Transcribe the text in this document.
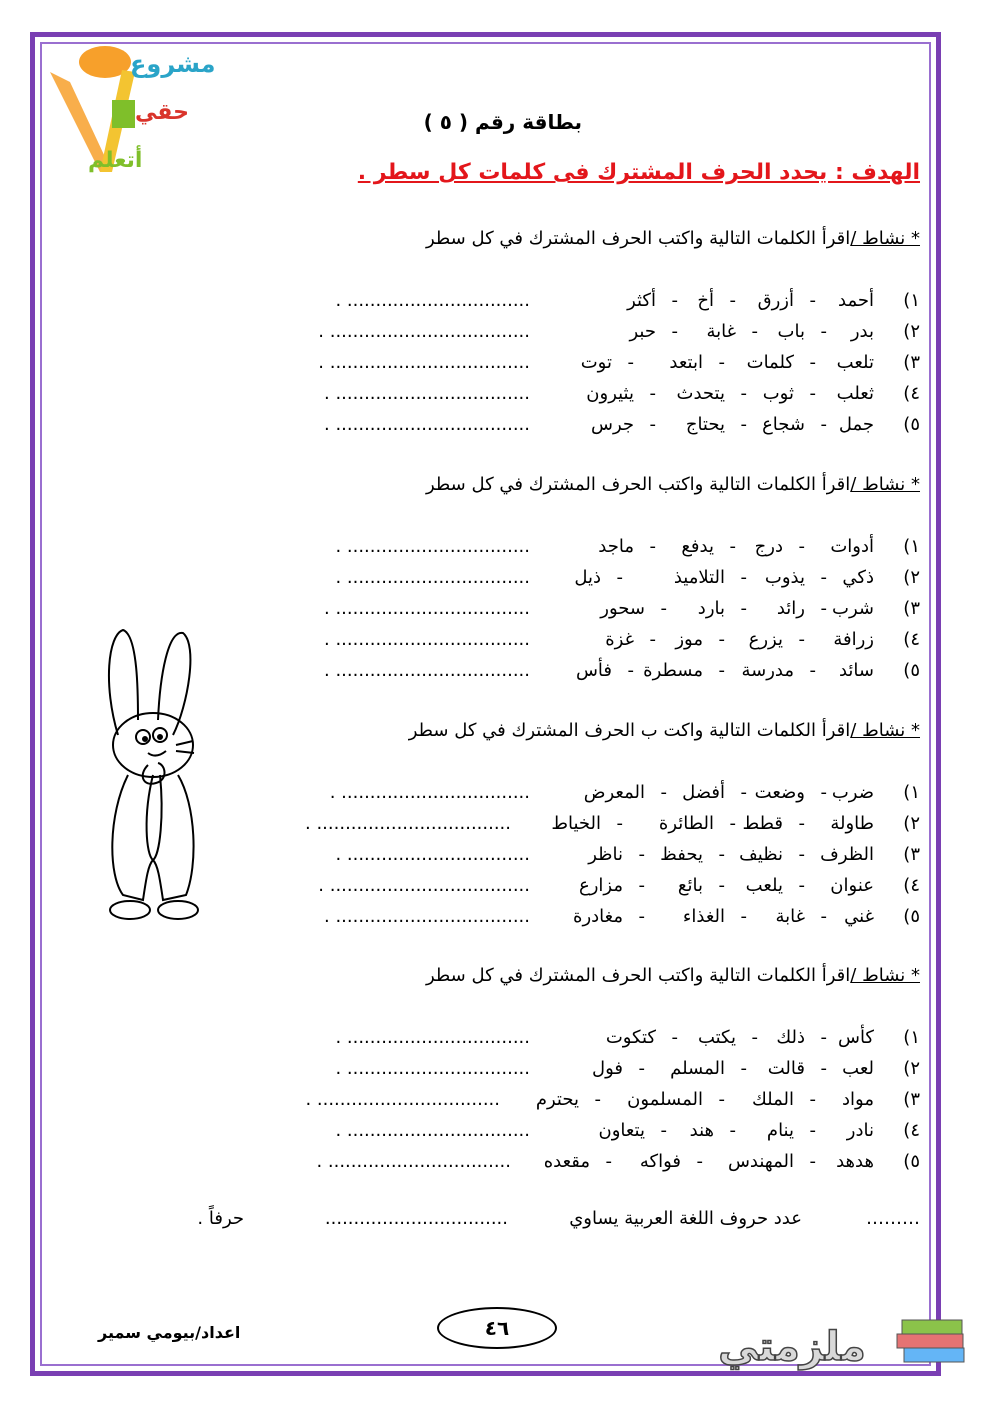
مشروع
حقي
أتعلم
بطاقة رقم ( ٥ )
الهدف : يحدد الحرف المشترك فى كلمات كل سطر .
* نشاط /اقرأ الكلمات التالية واكتب الحرف المشترك في كل سطر
١)
أحمد
-
أزرق
-
أخ
-
أكثر
................................ .
٢)
بدر
-
باب
-
غابة
-
حبر
................................... .
٣)
تلعب
-
كلمات
-
ابتعد
-
توت
................................... .
٤)
ثعلب
-
ثوب
-
يتحدث
-
يثيرون
.................................. .
٥)
جمل
-
شجاع
-
يحتاج
-
جرس
.................................. .
* نشاط /اقرأ الكلمات التالية واكتب الحرف المشترك في كل سطر
١)
أدوات
-
درج
-
يدفع
-
ماجد
................................ .
٢)
ذكي
-
يذوب
-
التلاميذ
-
ذيل
................................ .
٣)
شرب
-
رائد
-
بارد
-
سحور
.................................. .
٤)
زرافة
-
يزرع
-
موز
-
غزة
.................................. .
٥)
سائد
-
مدرسة
-
مسطرة
-
فأس
.................................. .
* نشاط /اقرأ الكلمات التالية واكت ب الحرف المشترك في كل سطر
١)
ضرب
-
وضعت
-
أفضل
-
المعرض
................................. .
٢)
طاولة
-
قطط
-
الطائرة
-
الخياط
.................................. .
٣)
الظرف
-
نظيف
-
يحفظ
-
ناظر
................................ .
٤)
عنوان
-
يلعب
-
بائع
-
مزارع
................................... .
٥)
غني
-
غابة
-
الغذاء
-
مغادرة
.................................. .
* نشاط /اقرأ الكلمات التالية واكتب الحرف المشترك في كل سطر
١)
كأس
-
ذلك
-
يكتب
-
كتكوت
................................ .
٢)
لعب
-
قالت
-
المسلم
-
فول
................................ .
٣)
مواد
-
الملك
-
المسلمون
-
يحترم
................................ .
٤)
نادر
-
ينام
-
هند
-
يتعاون
................................ .
٥)
هدهد
-
المهندس
-
فواكه
-
مقعده
................................ .
………
عدد حروف اللغة العربية يساوي
................................
حرفاً .
٤٦
اعداد/بيومي سمير	ملزمتي
